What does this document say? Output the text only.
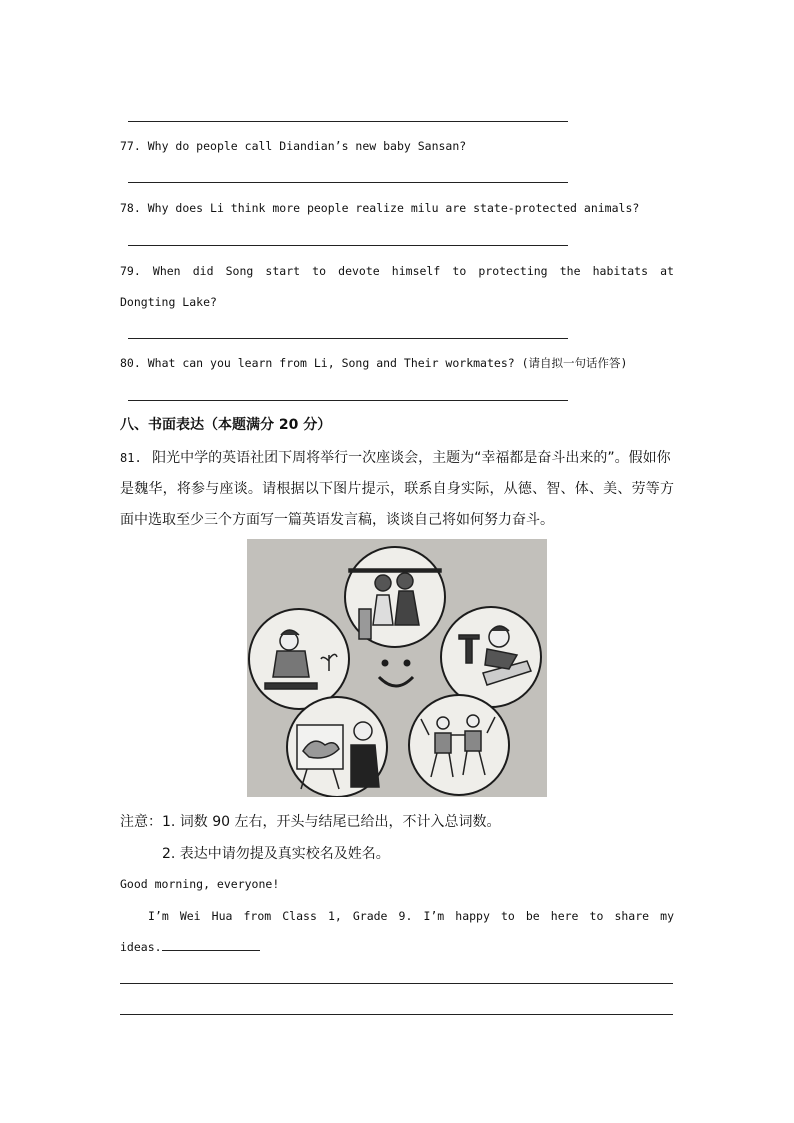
77. Why do people call Diandian’s new baby Sansan?
78. Why does Li think more people realize milu are state-protected animals?
79. When did Song start to devote himself to protecting the habitats at
Dongting Lake?
80. What can you learn from Li, Song and Their workmates? (请自拟一句话作答)
八、书面表达（本题满分 20 分）
81. 阳光中学的英语社团下周将举行一次座谈会，主题为“幸福都是奋斗出来的”。假如你
是魏华，将参与座谈。请根据以下图片提示，联系自身实际，从德、智、体、美、劳等方
面中选取至少三个方面写一篇英语发言稿，谈谈自己将如何努力奋斗。
注意：1. 词数 90 左右，开头与结尾已给出，不计入总词数。
2. 表达中请勿提及真实校名及姓名。
Good morning, everyone!
I’m Wei Hua from Class 1, Grade 9. I’m happy to be here to share my
ideas.
